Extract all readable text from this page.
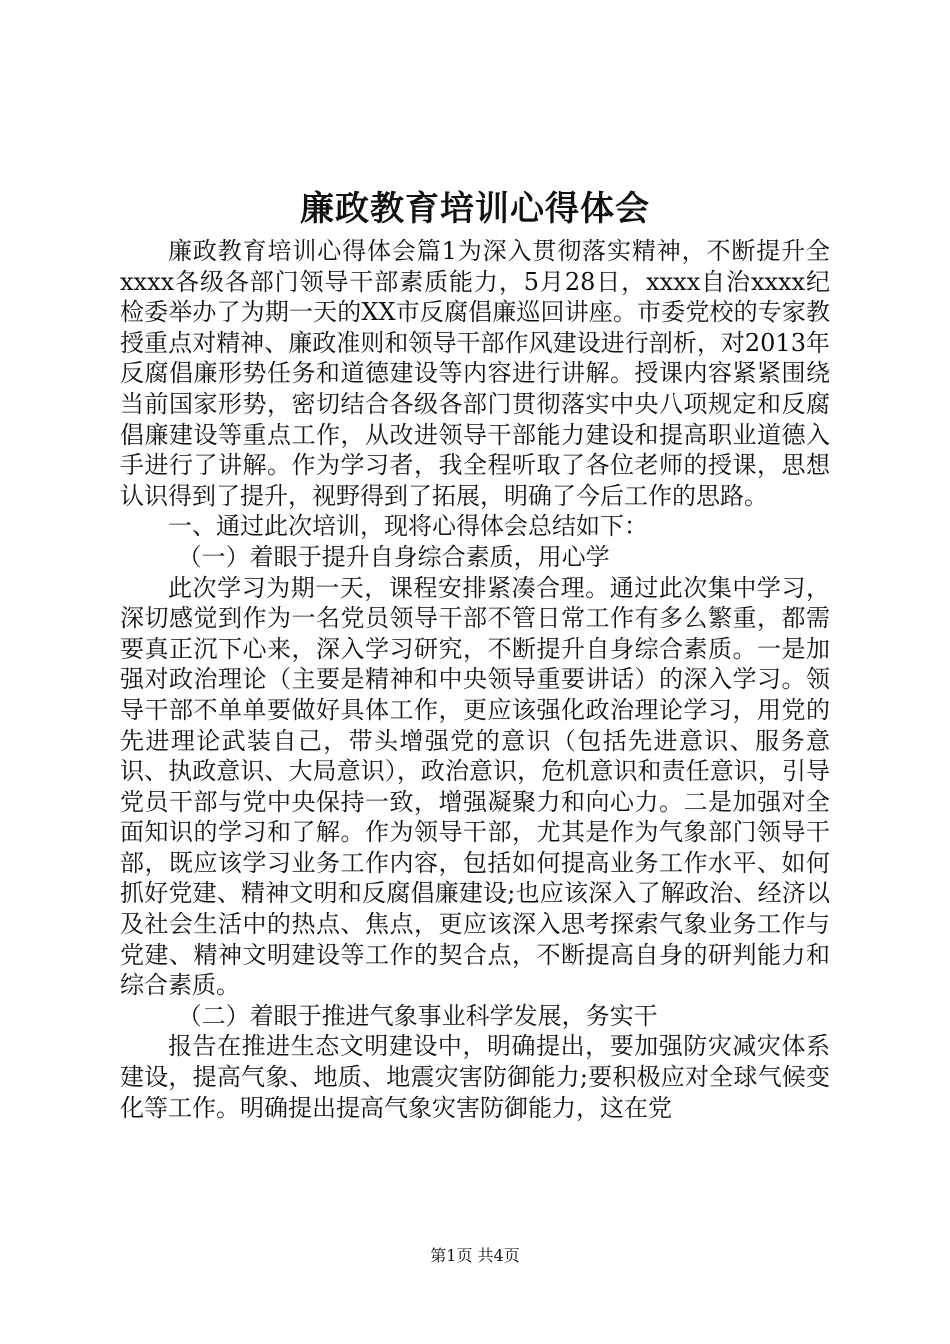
廉政教育培训心得体会

廉政教育培训心得体会篇1为深入贯彻落实精神，不断提升全xxxx各级各部门领导干部素质能力，5月28日，xxxx自治xxxx纪检委举办了为期一天的XX市反腐倡廉巡回讲座。市委党校的专家教授重点对精神、廉政准则和领导干部作风建设进行剖析，对2013年反腐倡廉形势任务和道德建设等内容进行讲解。授课内容紧紧围绕当前国家形势，密切结合各级各部门贯彻落实中央八项规定和反腐倡廉建设等重点工作，从改进领导干部能力建设和提高职业道德入手进行了讲解。作为学习者，我全程听取了各位老师的授课，思想认识得到了提升，视野得到了拓展，明确了今后工作的思路。

一、通过此次培训，现将心得体会总结如下：

（一）着眼于提升自身综合素质，用心学

此次学习为期一天，课程安排紧凑合理。通过此次集中学习，深切感觉到作为一名党员领导干部不管日常工作有多么繁重，都需要真正沉下心来，深入学习研究，不断提升自身综合素质。一是加强对政治理论（主要是精神和中央领导重要讲话）的深入学习。领导干部不单单要做好具体工作，更应该强化政治理论学习，用党的先进理论武装自己，带头增强党的意识（包括先进意识、服务意识、执政意识、大局意识），政治意识，危机意识和责任意识，引导党员干部与党中央保持一致，增强凝聚力和向心力。二是加强对全面知识的学习和了解。作为领导干部，尤其是作为气象部门领导干部，既应该学习业务工作内容，包括如何提高业务工作水平、如何抓好党建、精神文明和反腐倡廉建设;也应该深入了解政治、经济以及社会生活中的热点、焦点，更应该深入思考探索气象业务工作与党建、精神文明建设等工作的契合点，不断提高自身的研判能力和综合素质。

（二）着眼于推进气象事业科学发展，务实干

报告在推进生态文明建设中，明确提出，要加强防灾减灾体系建设，提高气象、地质、地震灾害防御能力;要积极应对全球气候变化等工作。明确提出提高气象灾害防御能力，这在党

第1页 共4页
